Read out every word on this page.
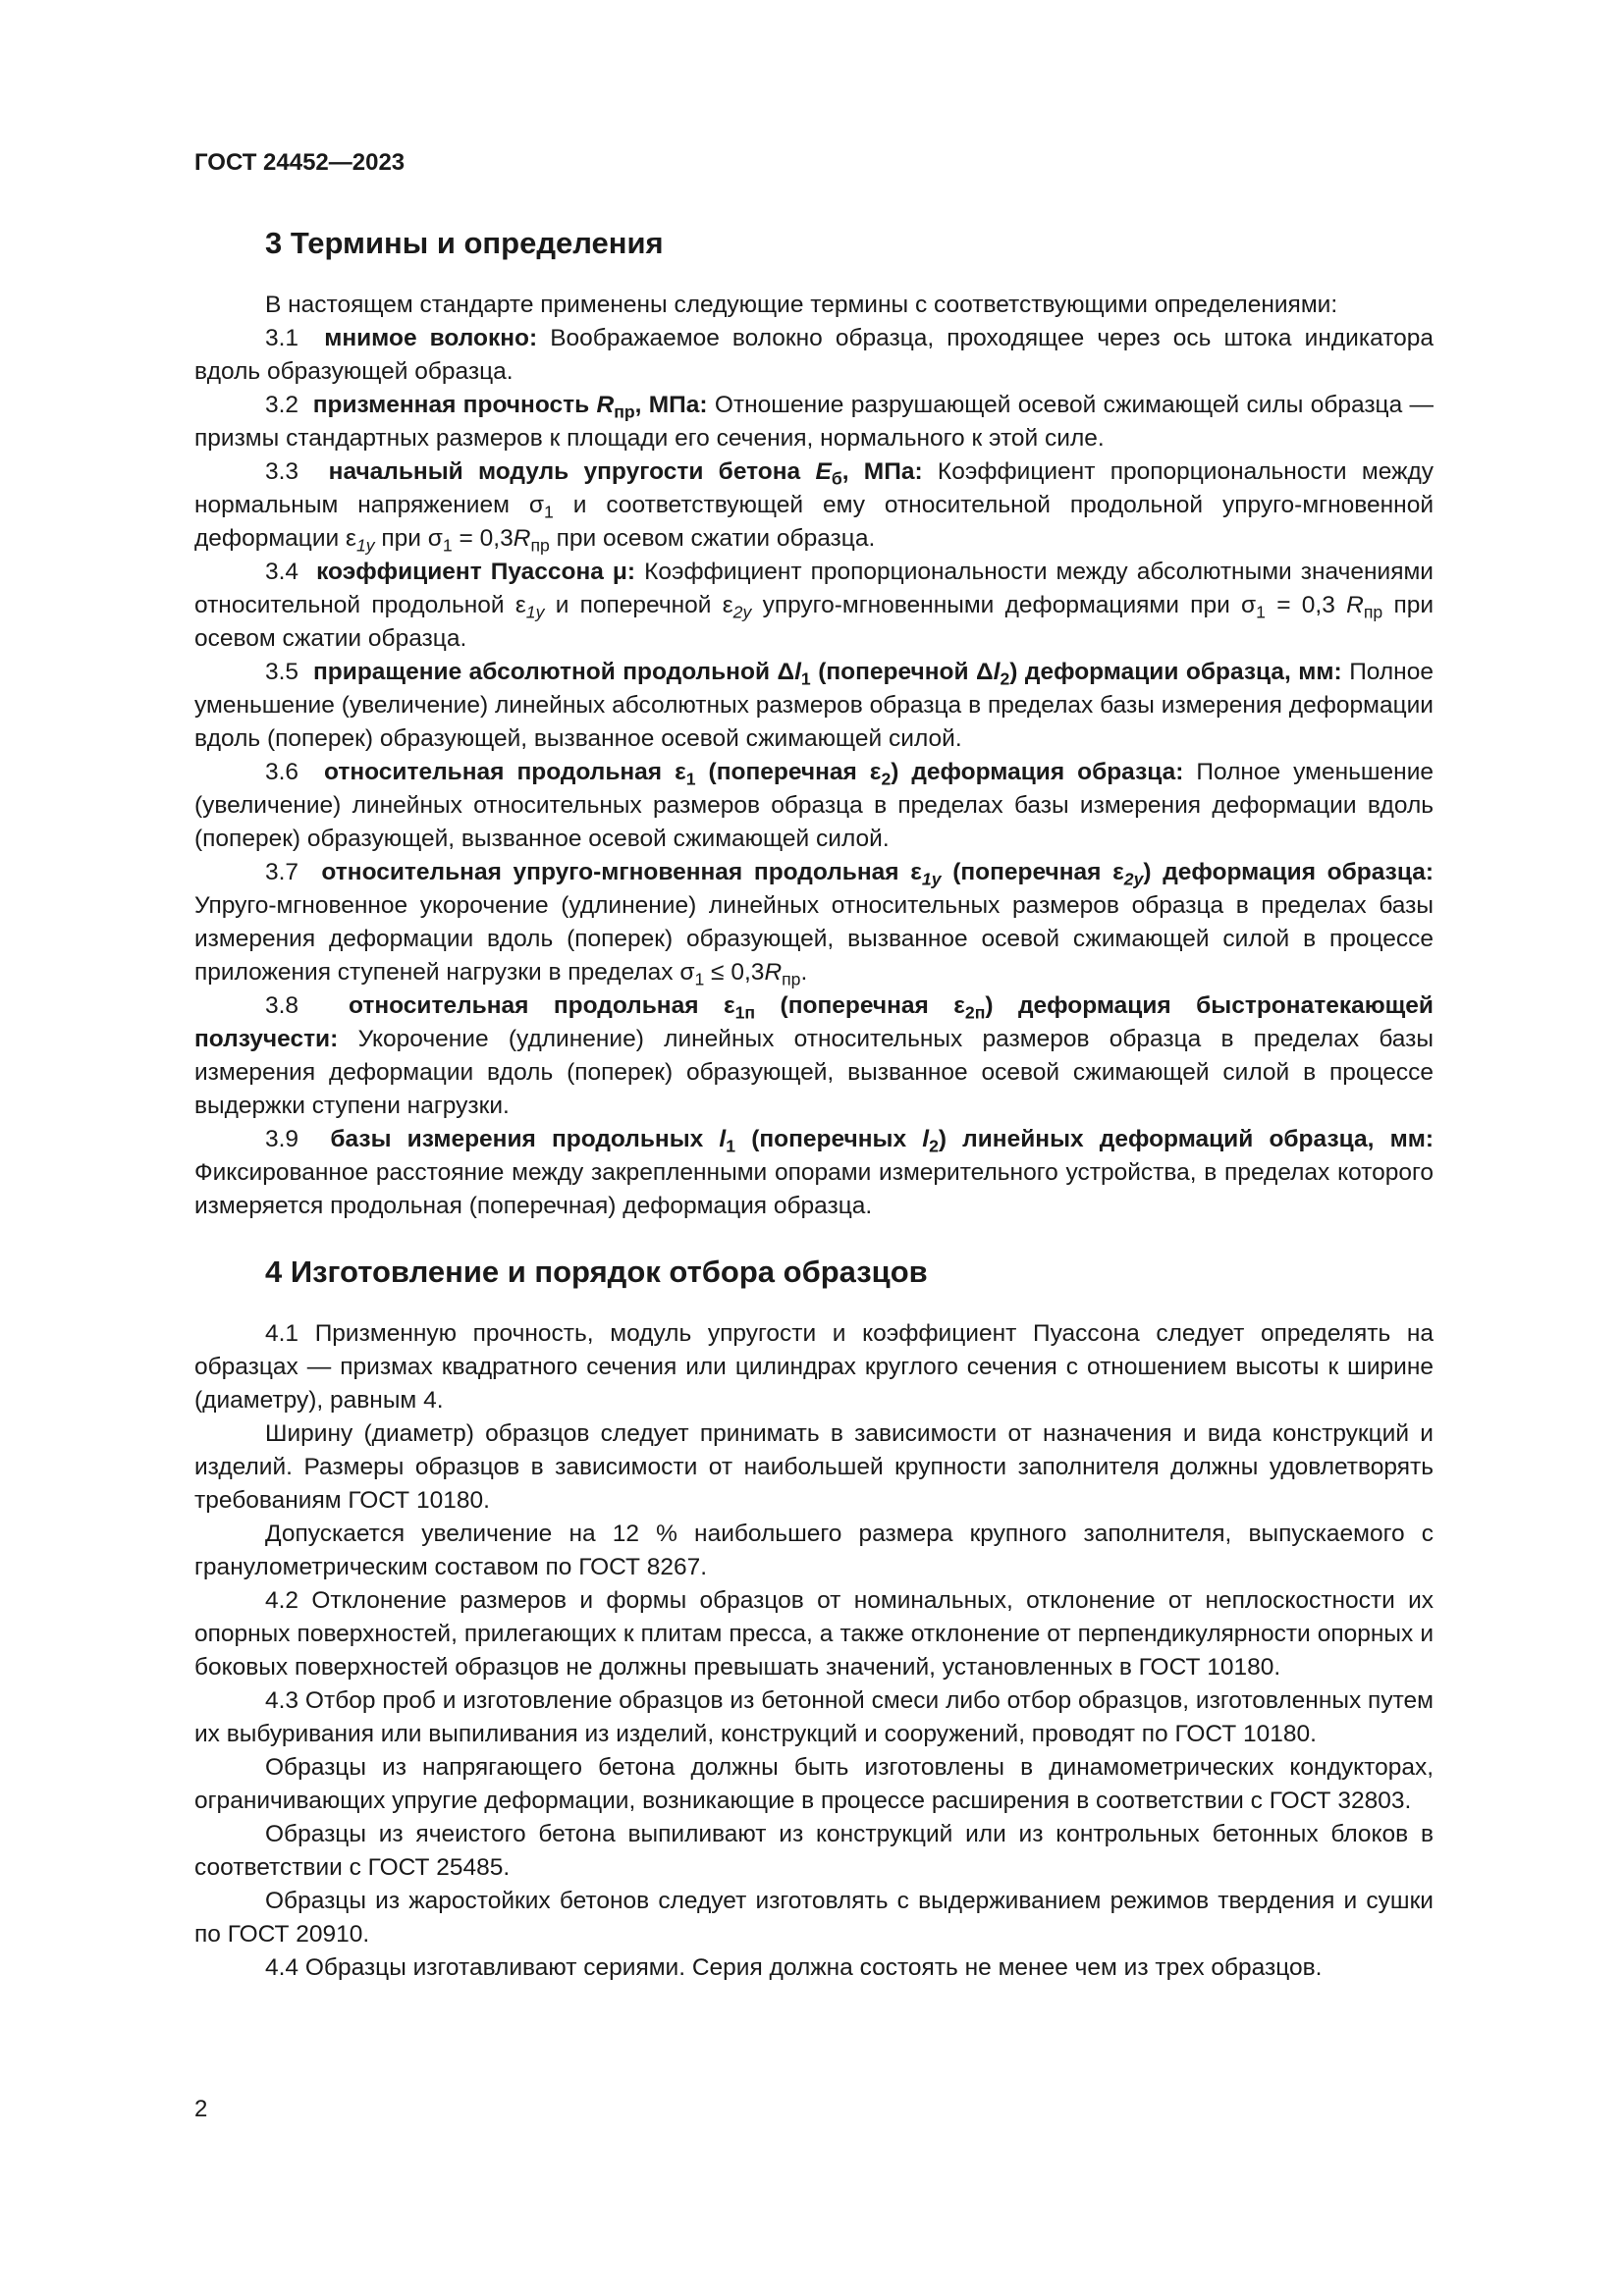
ГОСТ 24452—2023
3 Термины и определения

В настоящем стандарте применены следующие термины с соответствующими определениями:

3.1 мнимое волокно: Воображаемое волокно образца, проходящее через ось штока индикатора вдоль образующей образца.

3.2 призменная прочность $R_{пр}$, МПа: Отношение разрушающей осевой сжимающей силы образца — призмы стандартных размеров к площади его сечения, нормального к этой силе.

3.3 начальный модуль упругости бетона $E_б$, МПа: Коэффициент пропорциональности между нормальным напряжением $\sigma_1$ и соответствующей ему относительной продольной упруго-мгновенной деформации $\varepsilon_{1y}$ при $\sigma_1 = 0,3R_{пр}$ при осевом сжатии образца.

3.4 коэффициент Пуассона μ: Коэффициент пропорциональности между абсолютными значениями относительной продольной $\varepsilon_{1y}$ и поперечной $\varepsilon_{2y}$ упруго-мгновенными деформациями при $\sigma_1 = 0,3$ $R_{пр}$ при осевом сжатии образца.

3.5 приращение абсолютной продольной $\Delta l_1$ (поперечной $\Delta l_2$) деформации образца, мм: Полное уменьшение (увеличение) линейных абсолютных размеров образца в пределах базы измерения деформации вдоль (поперек) образующей, вызванное осевой сжимающей силой.

3.6 относительная продольная $\varepsilon_1$ (поперечная $\varepsilon_2$) деформация образца: Полное уменьшение (увеличение) линейных относительных размеров образца в пределах базы измерения деформации вдоль (поперек) образующей, вызванное осевой сжимающей силой.

3.7 относительная упруго-мгновенная продольная $\varepsilon_{1y}$ (поперечная $\varepsilon_{2y}$) деформация образца: Упруго-мгновенное укорочение (удлинение) линейных относительных размеров образца в пределах базы измерения деформации вдоль (поперек) образующей, вызванное осевой сжимающей силой в процессе приложения ступеней нагрузки в пределах $\sigma_1 \le 0,3R_{пр}$.

3.8 относительная продольная $\varepsilon_{1п}$ (поперечная $\varepsilon_{2п}$) деформация быстронатекающей ползучести: Укорочение (удлинение) линейных относительных размеров образца в пределах базы измерения деформации вдоль (поперек) образующей, вызванное осевой сжимающей силой в процессе выдержки ступени нагрузки.

3.9 базы измерения продольных $l_1$ (поперечных $l_2$) линейных деформаций образца, мм: Фиксированное расстояние между закрепленными опорами измерительного устройства, в пределах которого измеряется продольная (поперечная) деформация образца.

4 Изготовление и порядок отбора образцов

4.1 Призменную прочность, модуль упругости и коэффициент Пуассона следует определять на образцах — призмах квадратного сечения или цилиндрах круглого сечения с отношением высоты к ширине (диаметру), равным 4.

Ширину (диаметр) образцов следует принимать в зависимости от назначения и вида конструкций и изделий. Размеры образцов в зависимости от наибольшей крупности заполнителя должны удовлетворять требованиям ГОСТ 10180.

Допускается увеличение на 12 % наибольшего размера крупного заполнителя, выпускаемого с гранулометрическим составом по ГОСТ 8267.

4.2 Отклонение размеров и формы образцов от номинальных, отклонение от неплоскостности их опорных поверхностей, прилегающих к плитам пресса, а также отклонение от перпендикулярности опорных и боковых поверхностей образцов не должны превышать значений, установленных в ГОСТ 10180.

4.3 Отбор проб и изготовление образцов из бетонной смеси либо отбор образцов, изготовленных путем их выбуривания или выпиливания из изделий, конструкций и сооружений, проводят по ГОСТ 10180.

Образцы из напрягающего бетона должны быть изготовлены в динамометрических кондукторах, ограничивающих упругие деформации, возникающие в процессе расширения в соответствии с ГОСТ 32803.

Образцы из ячеистого бетона выпиливают из конструкций или из контрольных бетонных блоков в соответствии с ГОСТ 25485.

Образцы из жаростойких бетонов следует изготовлять с выдерживанием режимов твердения и сушки по ГОСТ 20910.

4.4 Образцы изготавливают сериями. Серия должна состоять не менее чем из трех образцов.

2
